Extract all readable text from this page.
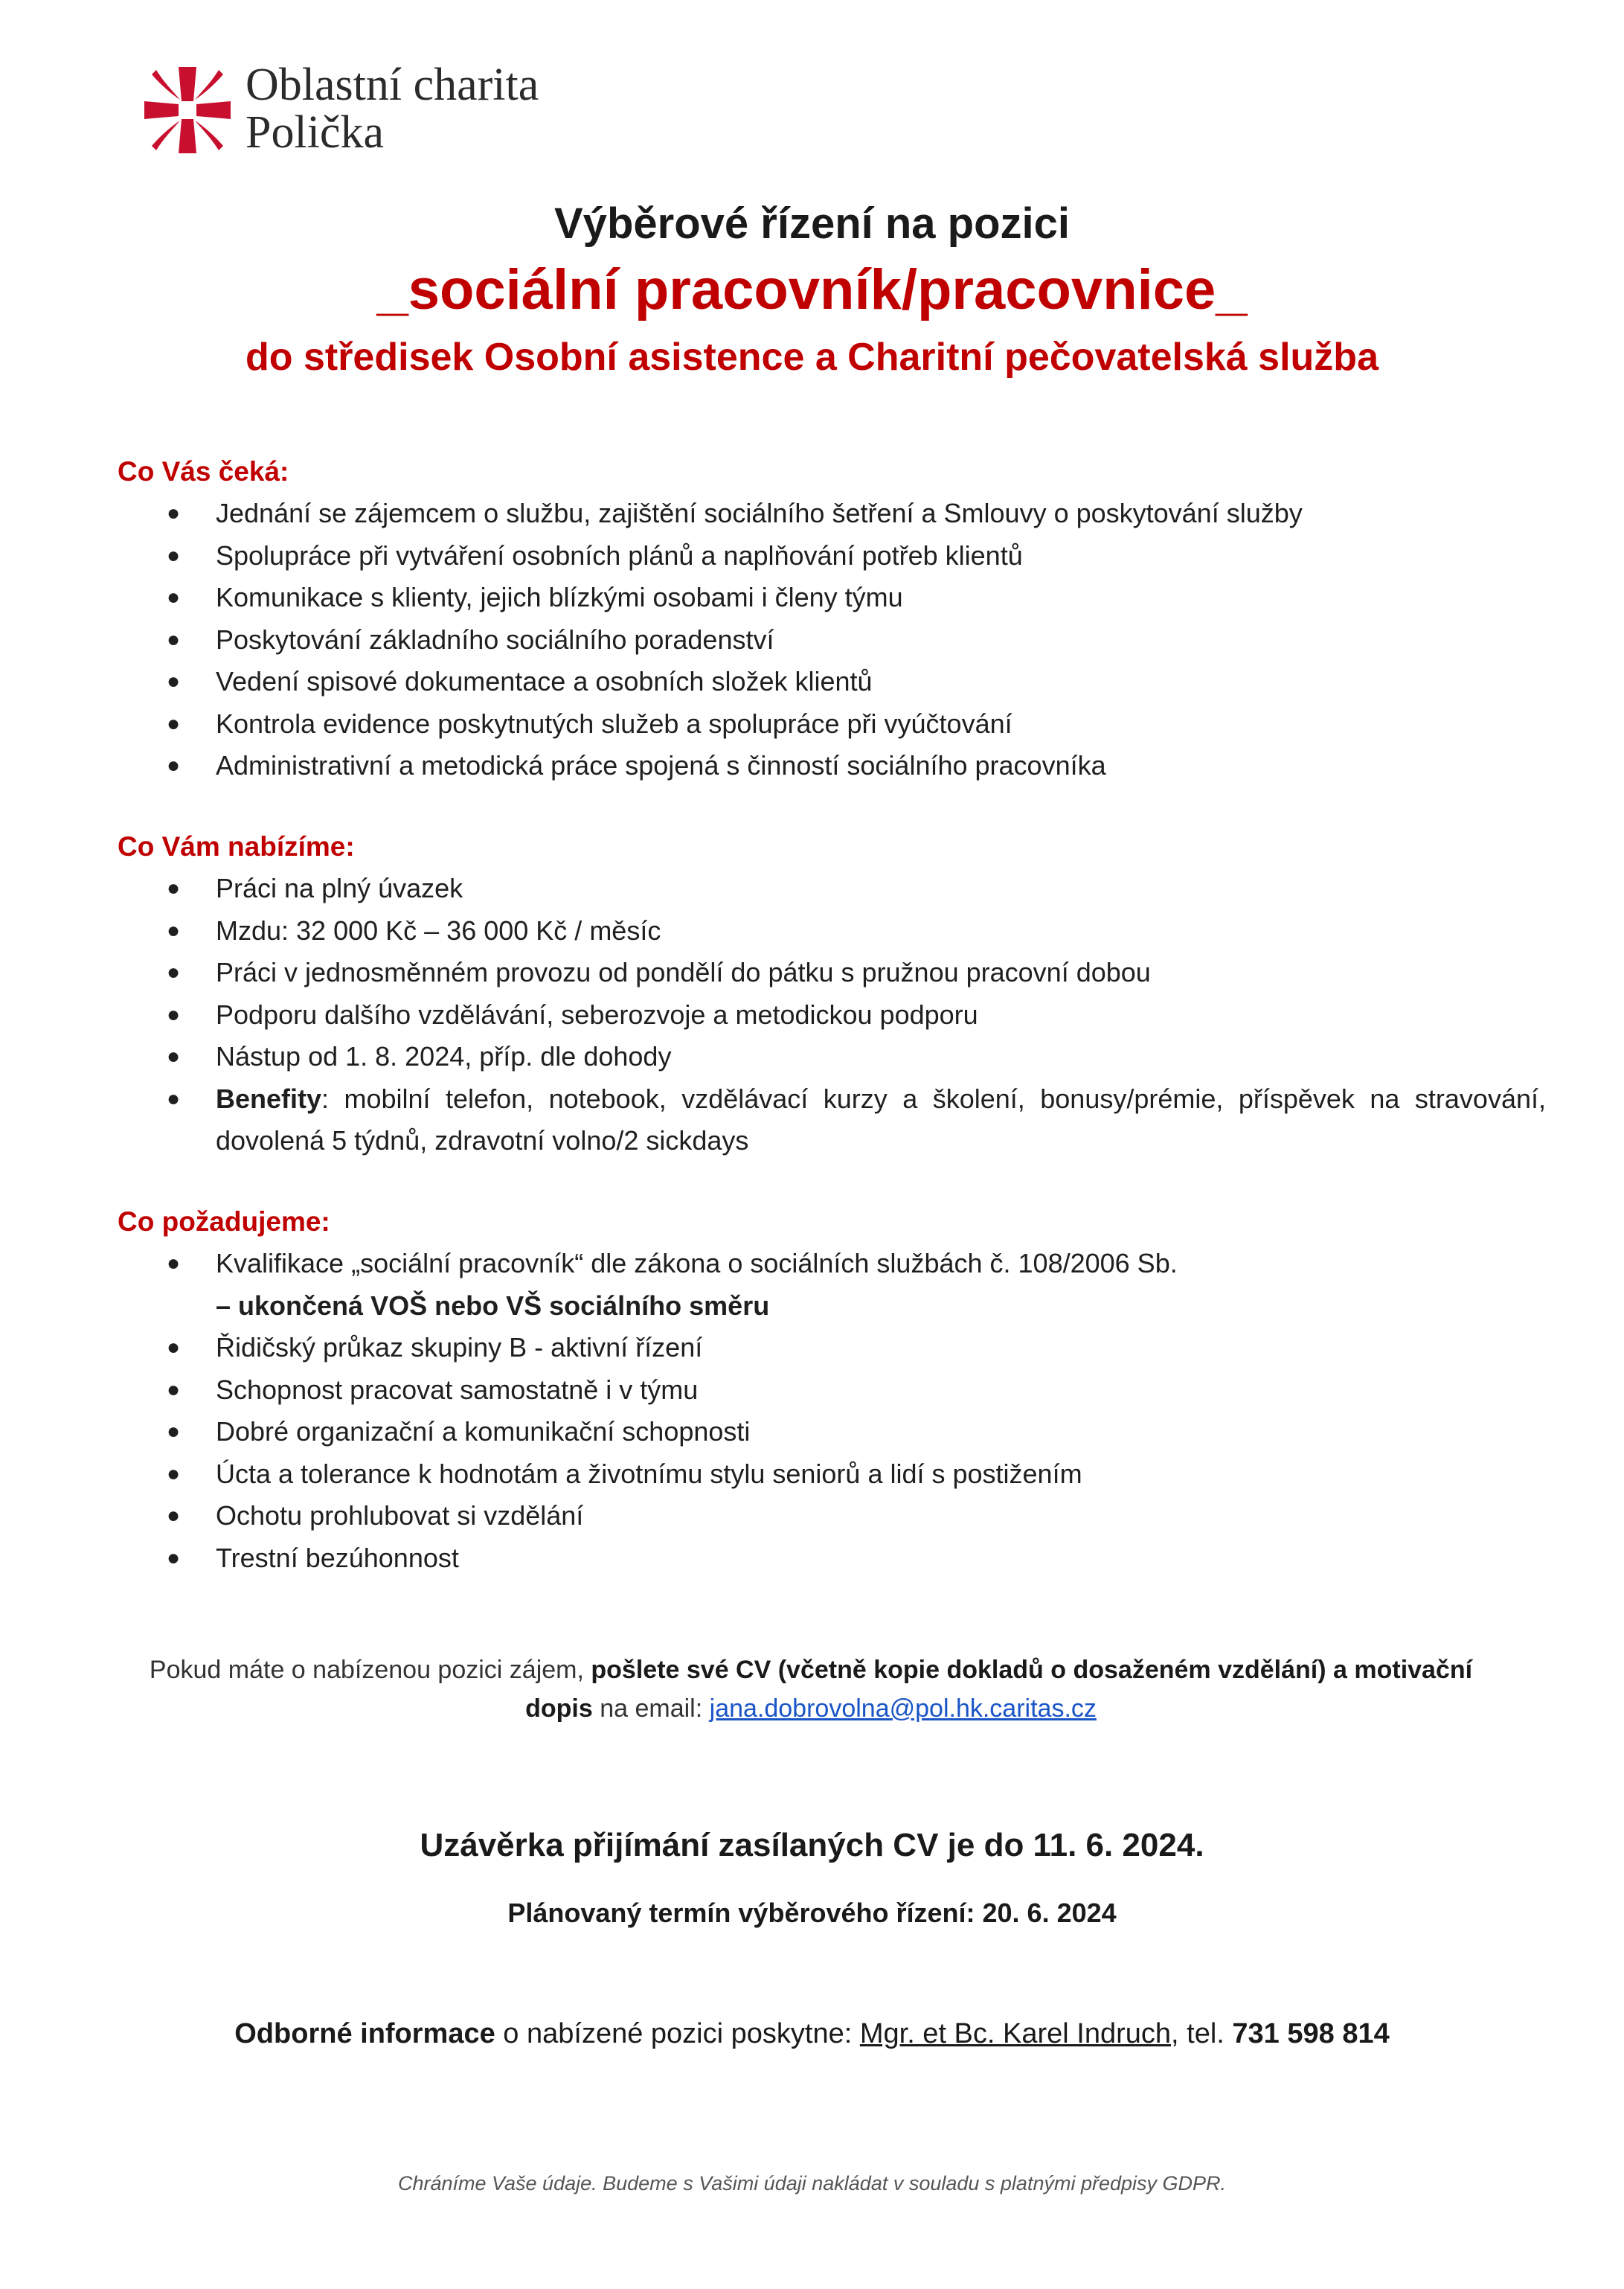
Oblastní charita
Polička
Výběrové řízení na pozici
_sociální pracovník/pracovnice_
do středisek Osobní asistence a Charitní pečovatelská služba
Co Vás čeká:
● Jednání se zájemcem o službu, zajištění sociálního šetření a Smlouvy o poskytování služby
● Spolupráce při vytváření osobních plánů a naplňování potřeb klientů
● Komunikace s klienty, jejich blízkými osobami i členy týmu
● Poskytování základního sociálního poradenství
● Vedení spisové dokumentace a osobních složek klientů
● Kontrola evidence poskytnutých služeb a spolupráce při vyúčtování
● Administrativní a metodická práce spojená s činností sociálního pracovníka
Co Vám nabízíme:
● Práci na plný úvazek
● Mzdu: 32 000 Kč – 36 000 Kč / měsíc
● Práci v jednosměnném provozu od pondělí do pátku s pružnou pracovní dobou
● Podporu dalšího vzdělávání, seberozvoje a metodickou podporu
● Nástup od 1. 8. 2024, příp. dle dohody
● Benefity: mobilní telefon, notebook, vzdělávací kurzy a školení, bonusy/prémie, příspěvek na stravování, dovolená 5 týdnů, zdravotní volno/2 sickdays
Co požadujeme:
● Kvalifikace „sociální pracovník“ dle zákona o sociálních službách č. 108/2006 Sb.
– ukončená VOŠ nebo VŠ sociálního směru
● Řidičský průkaz skupiny B - aktivní řízení
● Schopnost pracovat samostatně i v týmu
● Dobré organizační a komunikační schopnosti
● Úcta a tolerance k hodnotám a životnímu stylu seniorů a lidí s postižením
● Ochotu prohlubovat si vzdělání
● Trestní bezúhonnost
Pokud máte o nabízenou pozici zájem, pošlete své CV (včetně kopie dokladů o dosaženém vzdělání) a motivační dopis na email: jana.dobrovolna@pol.hk.caritas.cz
Uzávěrka přijímání zasílaných CV je do 11. 6. 2024.
Plánovaný termín výběrového řízení: 20. 6. 2024
Odborné informace o nabízené pozici poskytne: Mgr. et Bc. Karel Indruch, tel. 731 598 814
Chráníme Vaše údaje. Budeme s Vašimi údaji nakládat v souladu s platnými předpisy GDPR.
